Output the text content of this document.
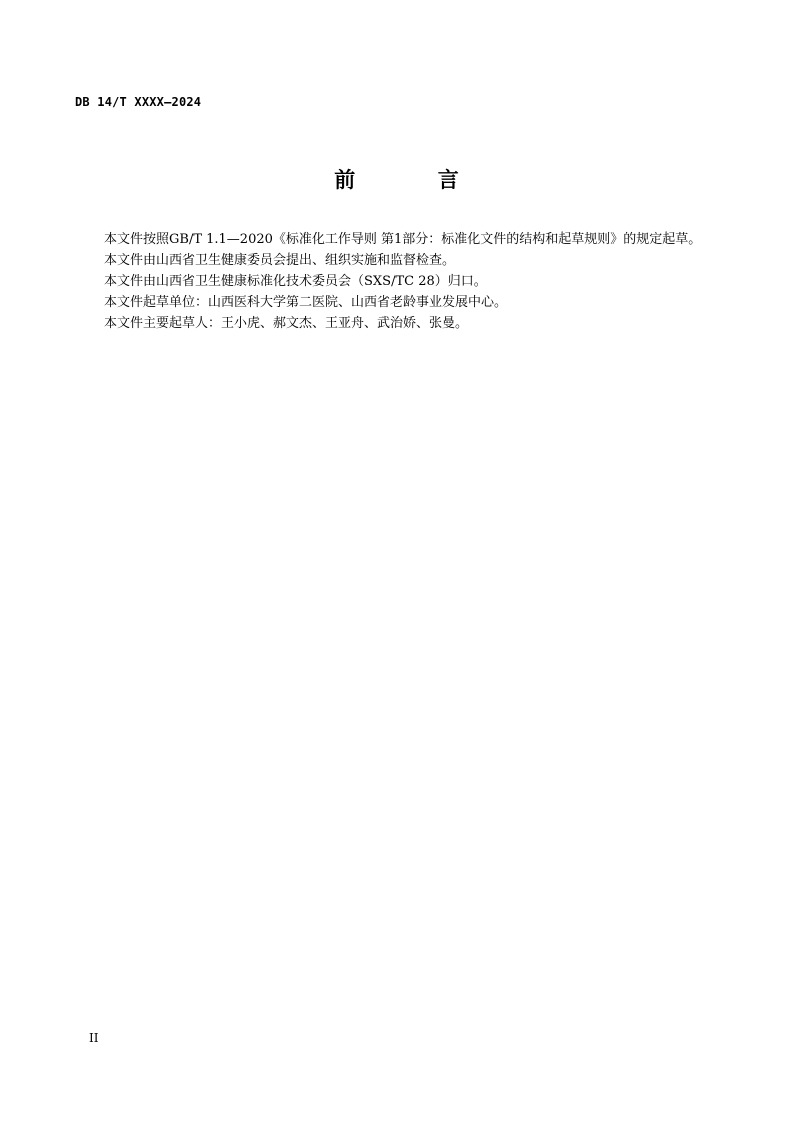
DB 14/T XXXX—2024
前  言

本文件按照GB/T 1.1—2020《标准化工作导则 第1部分：标准化文件的结构和起草规则》的规定起草。

本文件由山西省卫生健康委员会提出、组织实施和监督检查。

本文件由山西省卫生健康标准化技术委员会（SXS/TC 28）归口。

本文件起草单位：山西医科大学第二医院、山西省老龄事业发展中心。

本文件主要起草人：王小虎、郝文杰、王亚舟、武治娇、张曼。

II
